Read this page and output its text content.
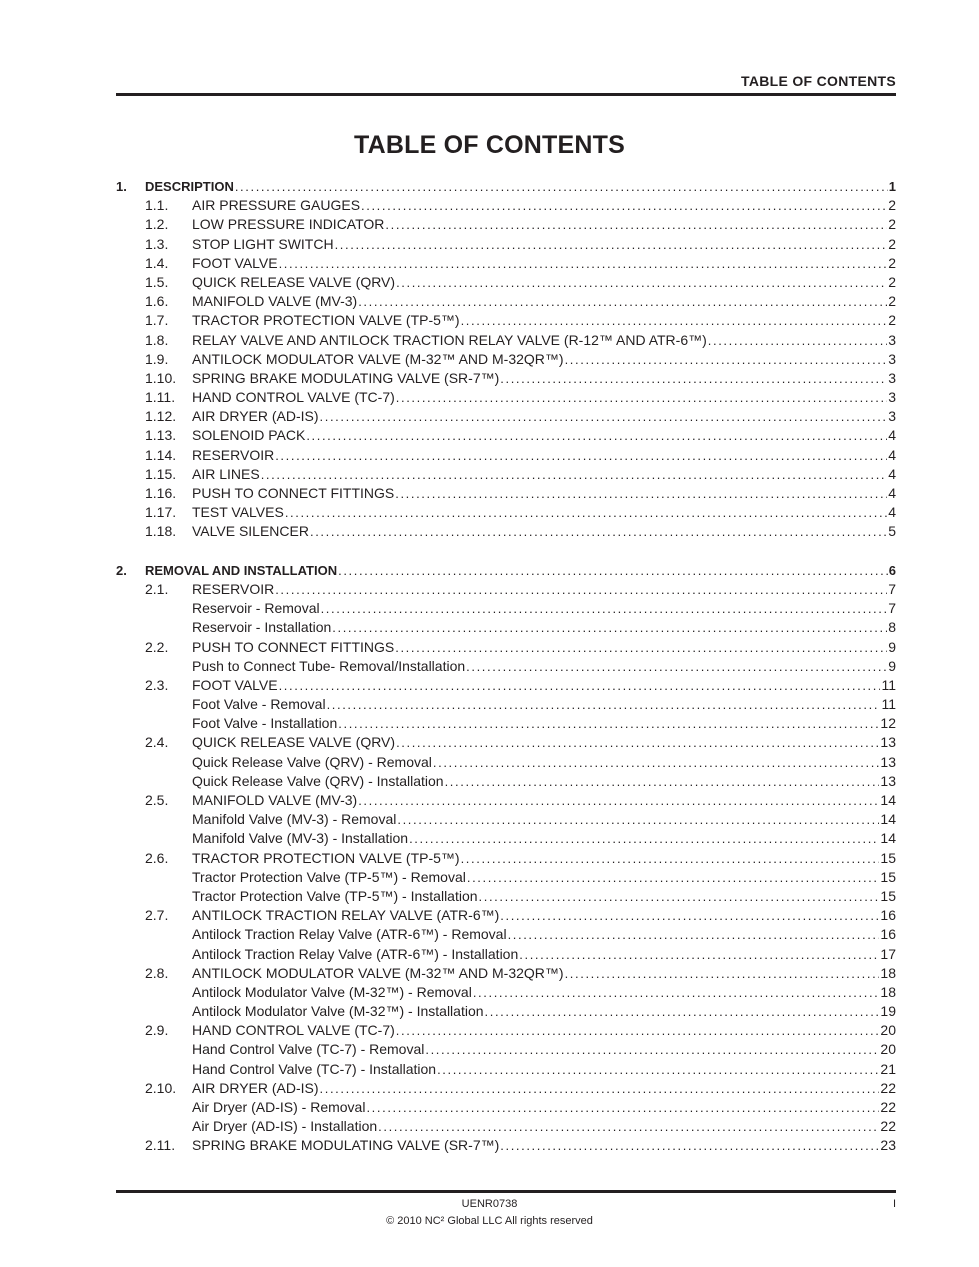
TABLE OF CONTENTS
TABLE OF CONTENTS
1.	DESCRIPTION .....	1
1.1.	AIR PRESSURE GAUGES .....	2
1.2.	LOW PRESSURE INDICATOR .....	2
1.3.	STOP LIGHT SWITCH .....	2
1.4.	FOOT VALVE .....	2
1.5.	QUICK RELEASE VALVE (QRV) .....	2
1.6.	MANIFOLD VALVE (MV-3) .....	2
1.7.	TRACTOR PROTECTION VALVE (TP-5™) .....	2
1.8.	RELAY VALVE AND ANTILOCK TRACTION RELAY VALVE (R-12™ AND ATR-6™) .....	3
1.9.	ANTILOCK MODULATOR VALVE (M-32™ AND M-32QR™) .....	3
1.10.	SPRING BRAKE MODULATING VALVE (SR-7™) .....	3
1.11.	HAND CONTROL VALVE (TC-7) .....	3
1.12.	AIR DRYER (AD-IS) .....	3
1.13.	SOLENOID PACK .....	4
1.14.	RESERVOIR .....	4
1.15.	AIR LINES .....	4
1.16.	PUSH TO CONNECT FITTINGS .....	4
1.17.	TEST VALVES .....	4
1.18.	VALVE SILENCER .....	5
2.	REMOVAL AND INSTALLATION .....	6
2.1.	RESERVOIR .....	7
Reservoir - Removal .....	7
Reservoir - Installation .....	8
2.2.	PUSH TO CONNECT FITTINGS .....	9
Push to Connect Tube- Removal/Installation .....	9
2.3.	FOOT VALVE .....	11
Foot Valve - Removal .....	11
Foot Valve - Installation .....	12
2.4.	QUICK RELEASE VALVE (QRV) .....	13
Quick Release Valve (QRV) - Removal .....	13
Quick Release Valve (QRV) - Installation .....	13
2.5.	MANIFOLD VALVE (MV-3) .....	14
Manifold Valve (MV-3) - Removal .....	14
Manifold Valve (MV-3) - Installation .....	14
2.6.	TRACTOR PROTECTION VALVE (TP-5™) .....	15
Tractor Protection Valve (TP-5™) - Removal .....	15
Tractor Protection Valve (TP-5™) - Installation .....	15
2.7.	ANTILOCK TRACTION RELAY VALVE (ATR-6™) .....	16
Antilock Traction Relay Valve (ATR-6™) - Removal .....	16
Antilock Traction Relay Valve (ATR-6™) - Installation .....	17
2.8.	ANTILOCK MODULATOR VALVE (M-32™ AND M-32QR™) .....	18
Antilock Modulator Valve (M-32™) - Removal .....	18
Antilock Modulator Valve (M-32™) - Installation .....	19
2.9.	HAND CONTROL VALVE (TC-7) .....	20
Hand Control Valve (TC-7) - Removal .....	20
Hand Control Valve (TC-7) - Installation .....	21
2.10.	AIR DRYER (AD-IS) .....	22
Air Dryer (AD-IS) - Removal .....	22
Air Dryer (AD-IS) - Installation .....	22
2.11.	SPRING BRAKE MODULATING VALVE (SR-7™) .....	23
UENR0738
© 2010 NC² Global LLC All rights reserved
I
